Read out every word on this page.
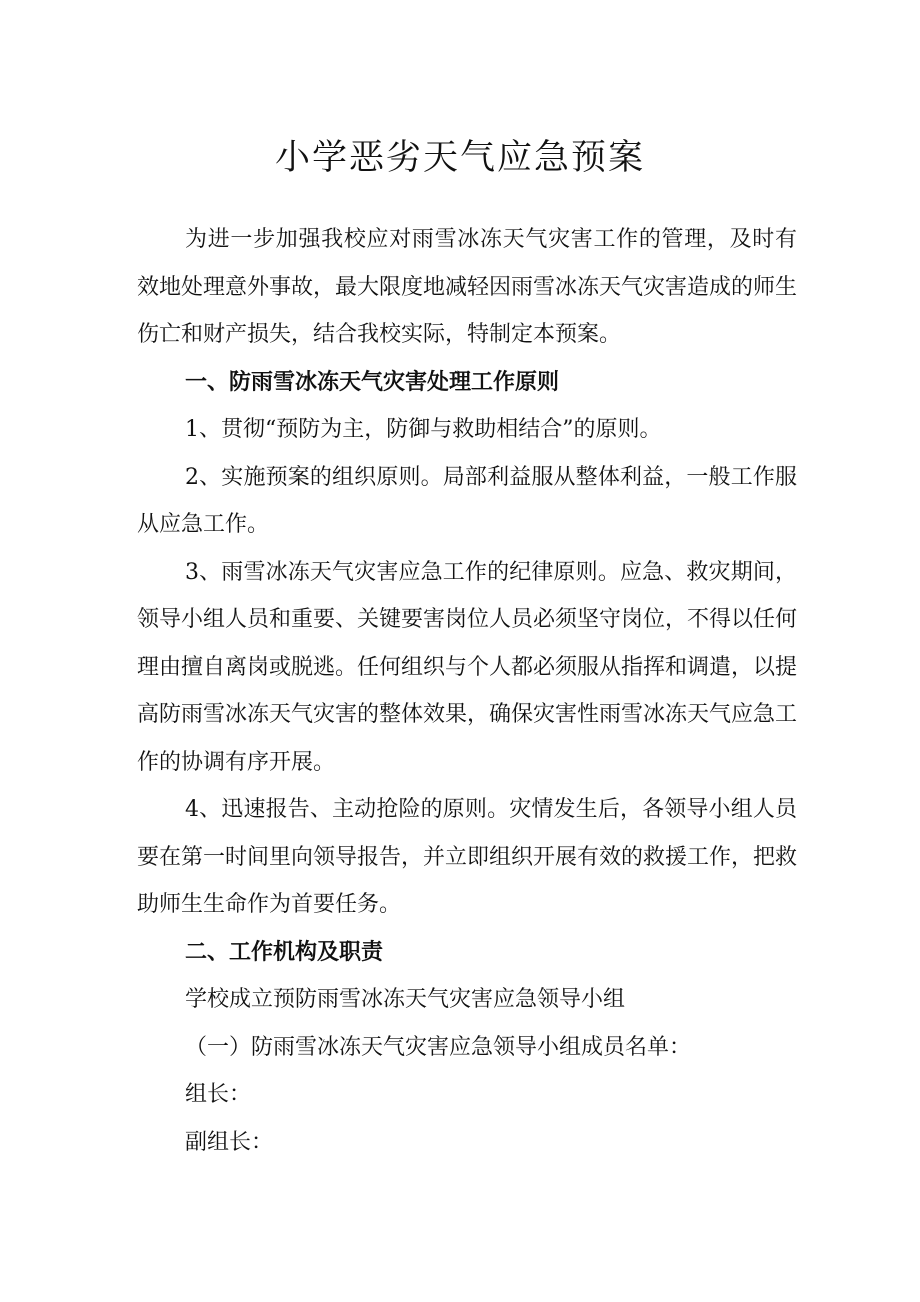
小学恶劣天气应急预案

为进一步加强我校应对雨雪冰冻天气灾害工作的管理，及时有效地处理意外事故，最大限度地减轻因雨雪冰冻天气灾害造成的师生伤亡和财产损失，结合我校实际，特制定本预案。

一、防雨雪冰冻天气灾害处理工作原则

1、贯彻“预防为主，防御与救助相结合”的原则。

2、实施预案的组织原则。局部利益服从整体利益，一般工作服从应急工作。

3、雨雪冰冻天气灾害应急工作的纪律原则。应急、救灾期间，领导小组人员和重要、关键要害岗位人员必须坚守岗位，不得以任何理由擅自离岗或脱逃。任何组织与个人都必须服从指挥和调遣，以提高防雨雪冰冻天气灾害的整体效果，确保灾害性雨雪冰冻天气应急工作的协调有序开展。

4、迅速报告、主动抢险的原则。灾情发生后，各领导小组人员要在第一时间里向领导报告，并立即组织开展有效的救援工作，把救助师生生命作为首要任务。

二、工作机构及职责

学校成立预防雨雪冰冻天气灾害应急领导小组

（一）防雨雪冰冻天气灾害应急领导小组成员名单：

组长：

副组长：
